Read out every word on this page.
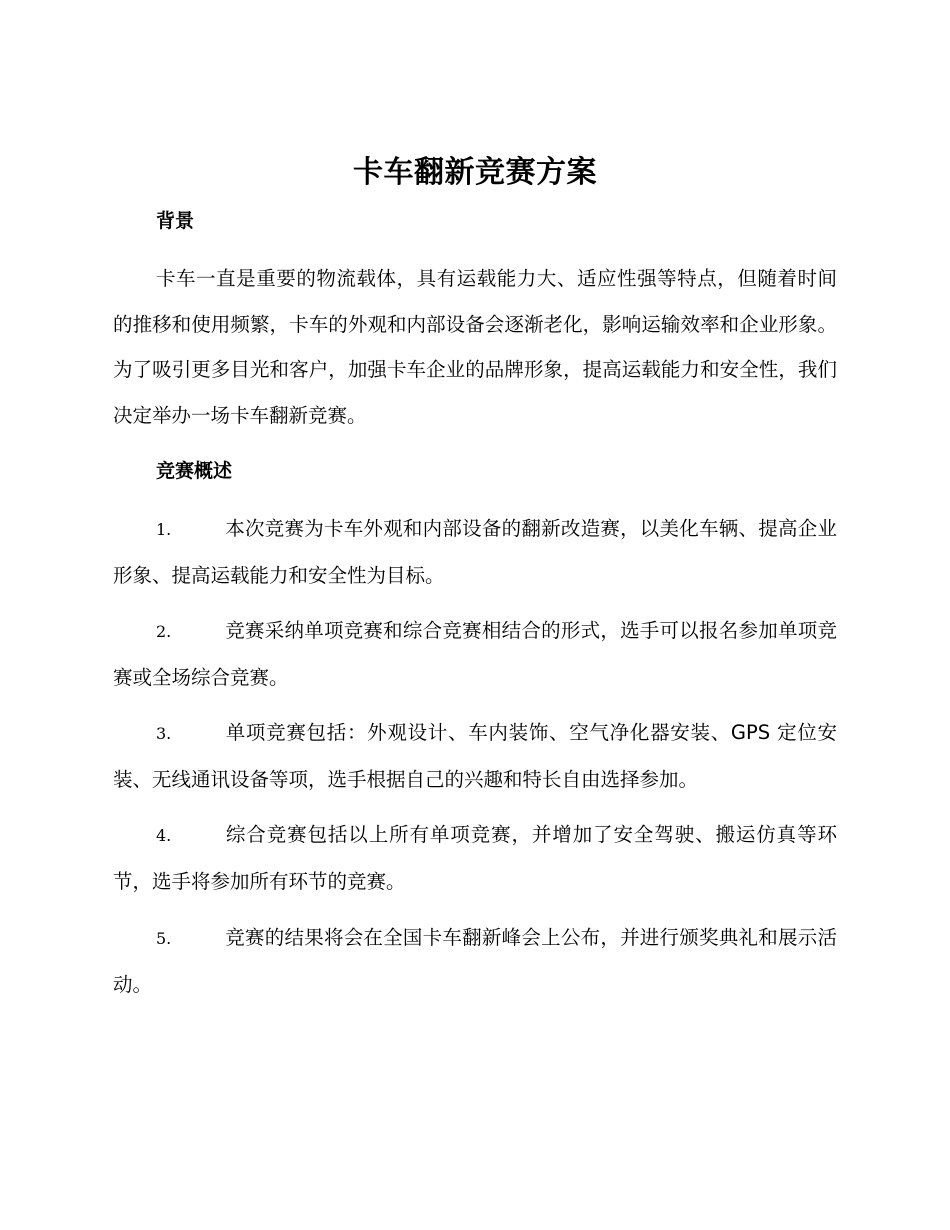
卡车翻新竞赛方案
背景

卡车一直是重要的物流载体，具有运载能力大、适应性强等特点，但随着时间的推移和使用频繁，卡车的外观和内部设备会逐渐老化，影响运输效率和企业形象。为了吸引更多目光和客户，加强卡车企业的品牌形象，提高运载能力和安全性，我们决定举办一场卡车翻新竞赛。

竞赛概述

1.	本次竞赛为卡车外观和内部设备的翻新改造赛，以美化车辆、提高企业形象、提高运载能力和安全性为目标。

2.	竞赛采纳单项竞赛和综合竞赛相结合的形式，选手可以报名参加单项竞赛或全场综合竞赛。

3.	单项竞赛包括：外观设计、车内装饰、空气净化器安装、GPS 定位安装、无线通讯设备等项，选手根据自己的兴趣和特长自由选择参加。

4.	综合竞赛包括以上所有单项竞赛，并增加了安全驾驶、搬运仿真等环节，选手将参加所有环节的竞赛。

5.	竞赛的结果将会在全国卡车翻新峰会上公布，并进行颁奖典礼和展示活动。
